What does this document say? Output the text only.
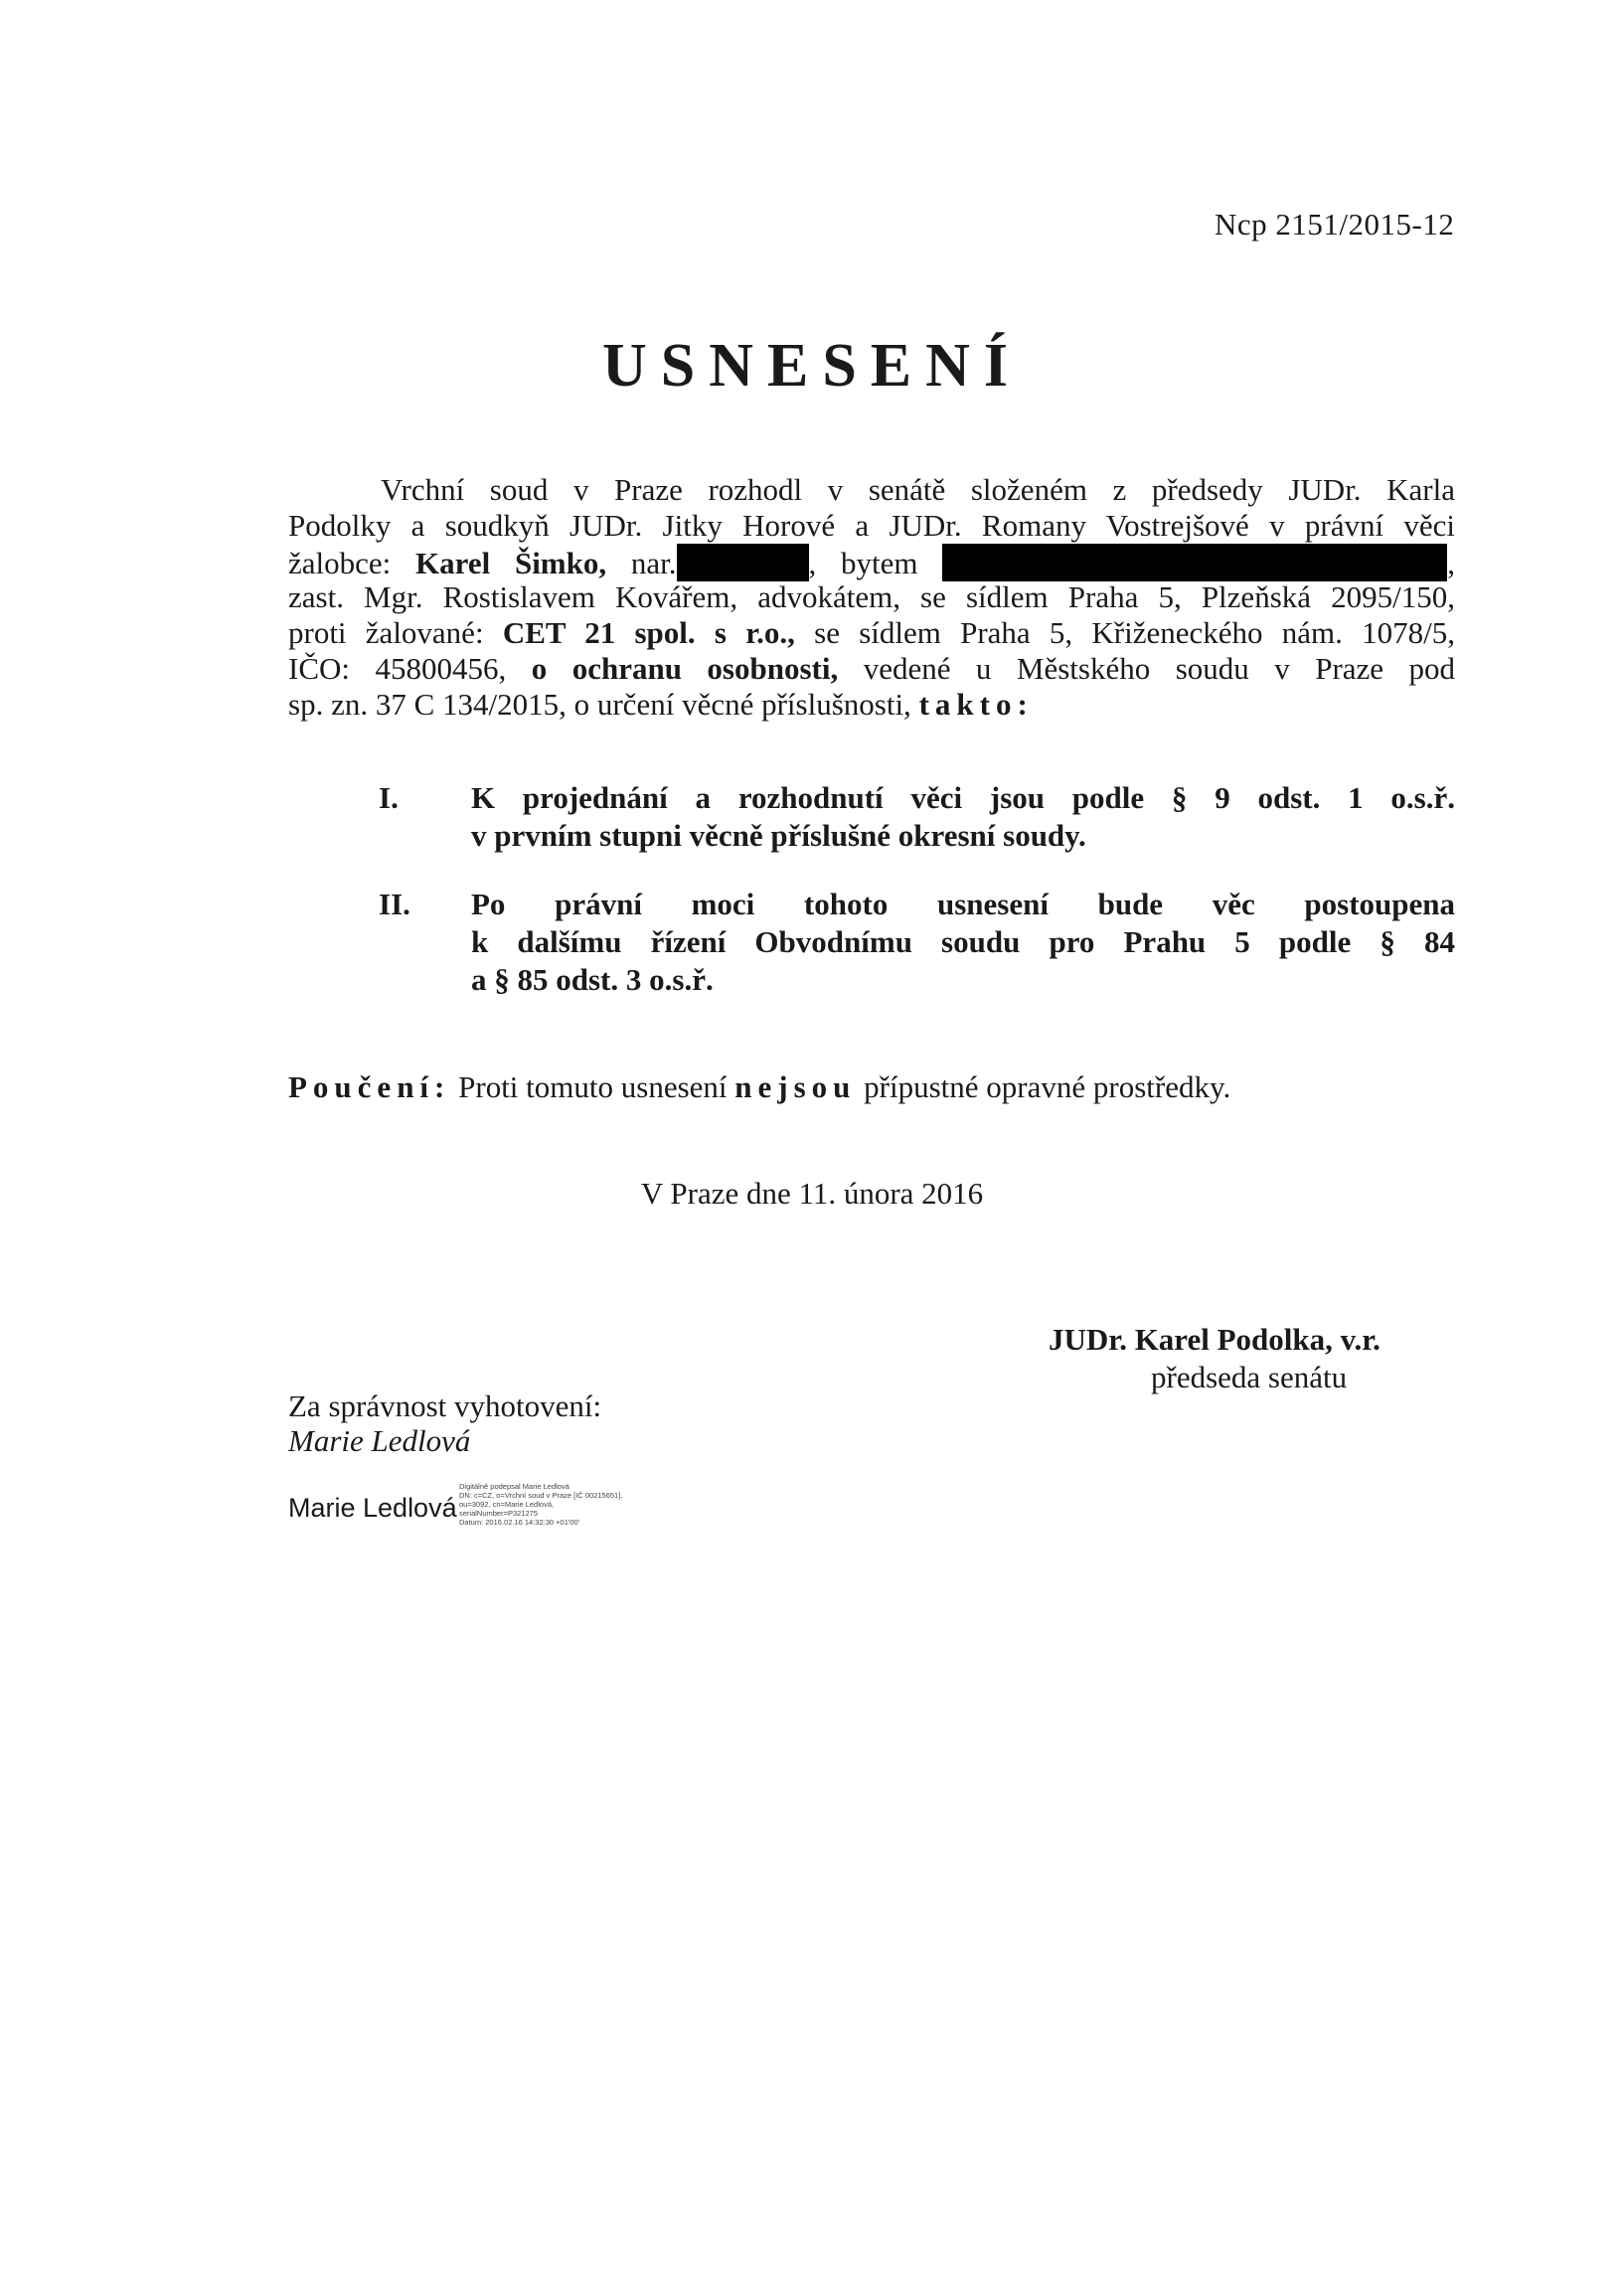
Ncp 2151/2015-12
USNESENÍ
Vrchní soud v Praze rozhodl v senátě složeném z předsedy JUDr. Karla
Podolky a soudkyň JUDr. Jitky Horové a JUDr. Romany Vostrejšové v právní věci
žalobce: Karel Šimko, nar.	, bytem	,
zast. Mgr. Rostislavem Kovářem, advokátem, se sídlem Praha 5, Plzeňská 2095/150,
proti žalované: CET 21 spol. s r.o., se sídlem Praha 5, Křiženeckého nám. 1078/5,
IČO: 45800456, o ochranu osobnosti, vedené u Městského soudu v Praze pod
sp. zn. 37 C 134/2015, o určení věcné příslušnosti, takto:
I. K projednání a rozhodnutí věci jsou podle § 9 odst. 1 o.s.ř.
v prvním stupni věcně příslušné okresní soudy.
II. Po právní moci tohoto usnesení bude věc postoupena
k dalšímu řízení Obvodnímu soudu pro Prahu 5 podle § 84
a § 85 odst. 3 o.s.ř.
Poučení: Proti tomuto usnesení nejsou přípustné opravné prostředky.
V Praze dne 11. února 2016
JUDr. Karel Podolka, v.r.
předseda senátu
Za správnost vyhotovení:
Marie Ledlová
Marie Ledlová
Digitálně podepsal Marie Ledlová
DN: c=CZ, o=Vrchní soud v Praze [IČ 00215651],
ou=3092, cn=Marie Ledlová,
serialNumber=P321275
Datum: 2016.02.16 14:32:30 +01'00'
